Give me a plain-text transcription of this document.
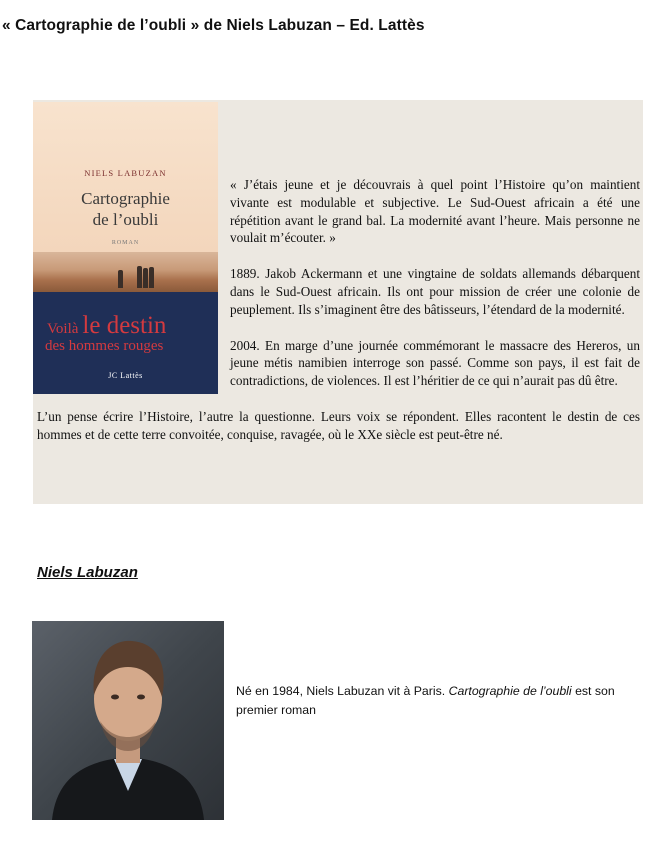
« Cartographie de l’oubli » de Niels Labuzan – Ed. Lattès
NIELS LABUZAN
Cartographie
de l’oubli
ROMAN
Voilà le destin
des hommes rouges
JC Lattès

« J’étais jeune et je découvrais à quel point l’Histoire qu’on maintient vivante est modulable et subjective. Le Sud-Ouest africain a été une répétition avant le grand bal. La modernité avant l’heure. Mais personne ne voulait m’écouter. »

1889. Jakob Ackermann et une vingtaine de soldats allemands débarquent dans le Sud-Ouest africain. Ils ont pour mission de créer une colonie de peuplement. Ils s’imaginent être des bâtisseurs, l’étendard de la modernité.

2004. En marge d’une journée commémorant le massacre des Hereros, un jeune métis namibien interroge son passé. Comme son pays, il est fait de contradictions, de violences. Il est l’héritier de ce qui n’aurait pas dû être.

L’un pense écrire l’Histoire, l’autre la questionne. Leurs voix se répondent. Elles racontent le destin de ces hommes et de cette terre convoitée, conquise, ravagée, où le XXe siècle est peut-être né.

Niels Labuzan
Né en 1984, Niels Labuzan vit à Paris. Cartographie de l’oubli est son premier roman
